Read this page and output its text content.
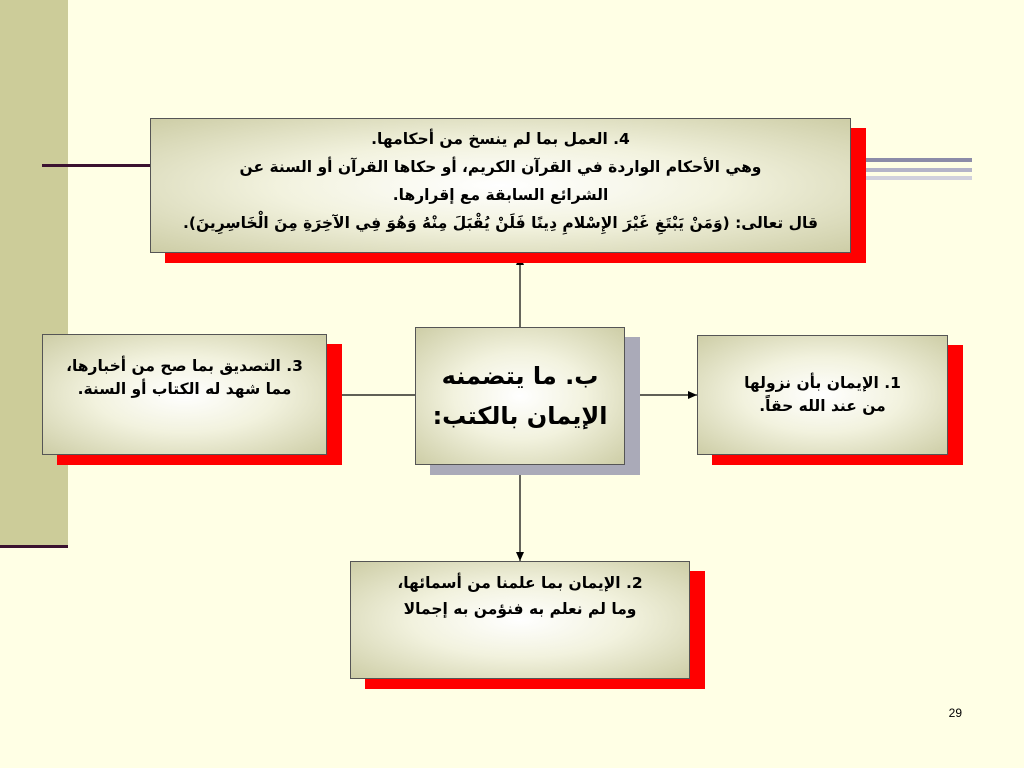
4. العمل بما لم ينسخ من أحكامها.
وهي الأحكام الواردة في القرآن الكريم، أو حكاها القرآن أو السنة عن
الشرائع السابقة مع إقرارها.
قال تعالى: (وَمَنْ يَبْتَغِ غَيْرَ الإِسْلامِ دِينًا فَلَنْ يُقْبَلَ مِنْهُ وَهُوَ فِي الآخِرَةِ مِنَ الْخَاسِرِينَ).
ب. ما يتضمنه
الإيمان بالكتب:
1. الإيمان بأن نزولها
من عند الله حقاً.
3. التصديق بما صح من أخبارها،
مما شهد له الكتاب أو السنة.
2. الإيمان بما علمنا من أسمائها،
وما لم نعلم به فنؤمن به إجمالا
29
